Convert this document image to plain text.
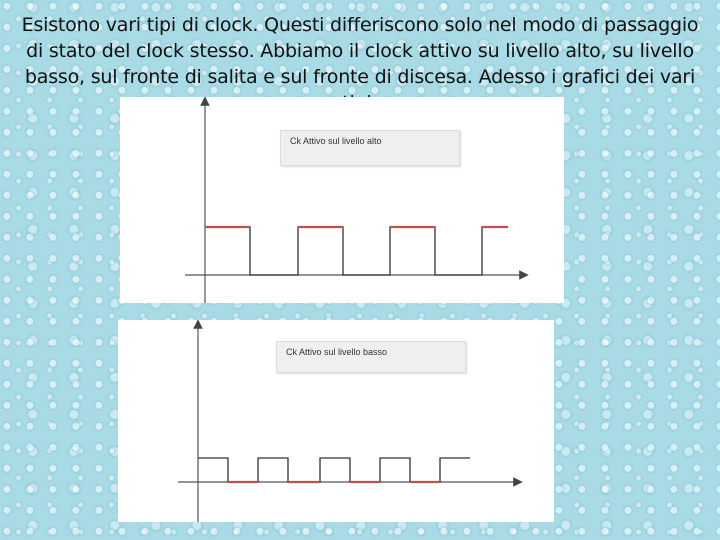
Esistono vari tipi di clock. Questi differiscono solo nel modo di passaggio di stato del clock stesso. Abbiamo il clock attivo su livello alto, su livello basso, sul fronte di salita e sul fronte di discesa. Adesso i grafici dei vari
Ck Attivo sul livello alto
Ck Attivo sul livello basso
